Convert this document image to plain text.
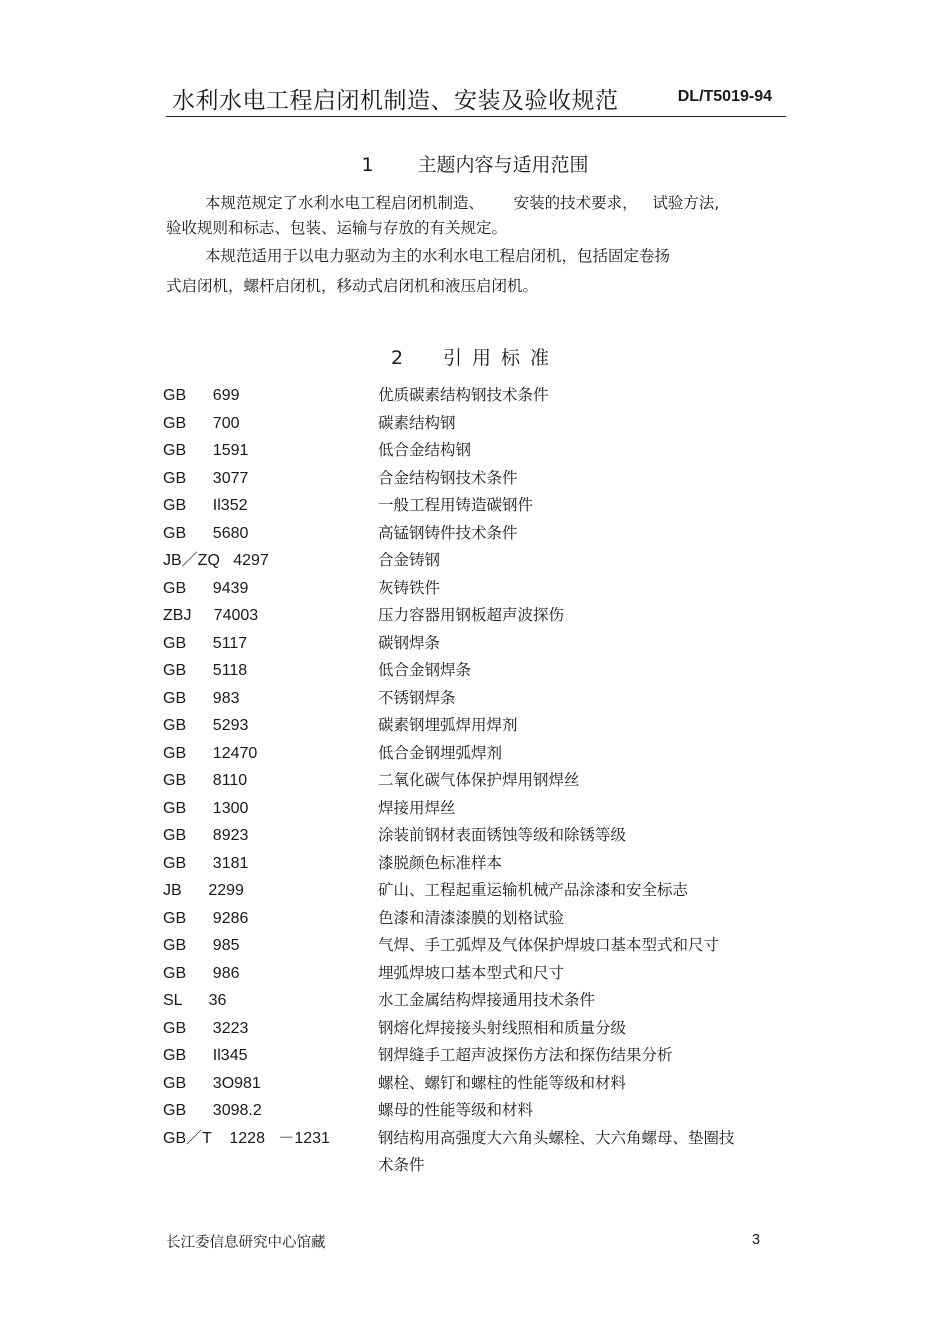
水利水电工程启闭机制造、安装及验收规范	DL/T5019-94
1 主题内容与适用范围
本规范规定了水利水电工程启闭机制造、      安装的技术要求，   试验方法,
验收规则和标志、包装、运输与存放的有关规定。
本规范适用于以电力驱动为主的水利水电工程启闭机，包括固定卷扬
式启闭机，螺杆启闭机，移动式启闭机和液压启闭机。
2 引用标准
GB      699	优质碳素结构钢技术条件
GB      700	碳素结构钢
GB      1591	低合金结构钢
GB      3077	合金结构钢技术条件
GB      Il352	一般工程用铸造碳钢件
GB      5680	高锰钢铸件技术条件
JB／ZQ   4297	合金铸钢
GB      9439	灰铸铁件
ZBJ     74003	压力容器用钢板超声波探伤
GB      5117	碳钢焊条
GB      5118	低合金钢焊条
GB      983	不锈钢焊条
GB      5293	碳素钢埋弧焊用焊剂
GB      12470	低合金钢埋弧焊剂
GB      8110	二氧化碳气体保护焊用钢焊丝
GB      1300	焊接用焊丝
GB      8923	涂装前钢材表面锈蚀等级和除锈等级
GB      3181	漆脱颜色标准样本
JB      2299	矿山、工程起重运输机械产品涂漆和安全标志
GB      9286	色漆和清漆漆膜的划格试验
GB      985	气焊、手工弧焊及气体保护焊坡口基本型式和尺寸
GB      986	埋弧焊坡口基本型式和尺寸
SL      36	水工金属结构焊接通用技术条件
GB      3223	钢熔化焊接接头射线照相和质量分级
GB      Il345	钢焊缝手工超声波探伤方法和探伤结果分析
GB      3O981	螺栓、螺钉和螺柱的性能等级和材料
GB      3098.2	螺母的性能等级和材料
GB／T    1228   －1231	钢结构用高强度大六角头螺栓、大六角螺母、垫圈技术条件
长江委信息研究中心馆藏	3
